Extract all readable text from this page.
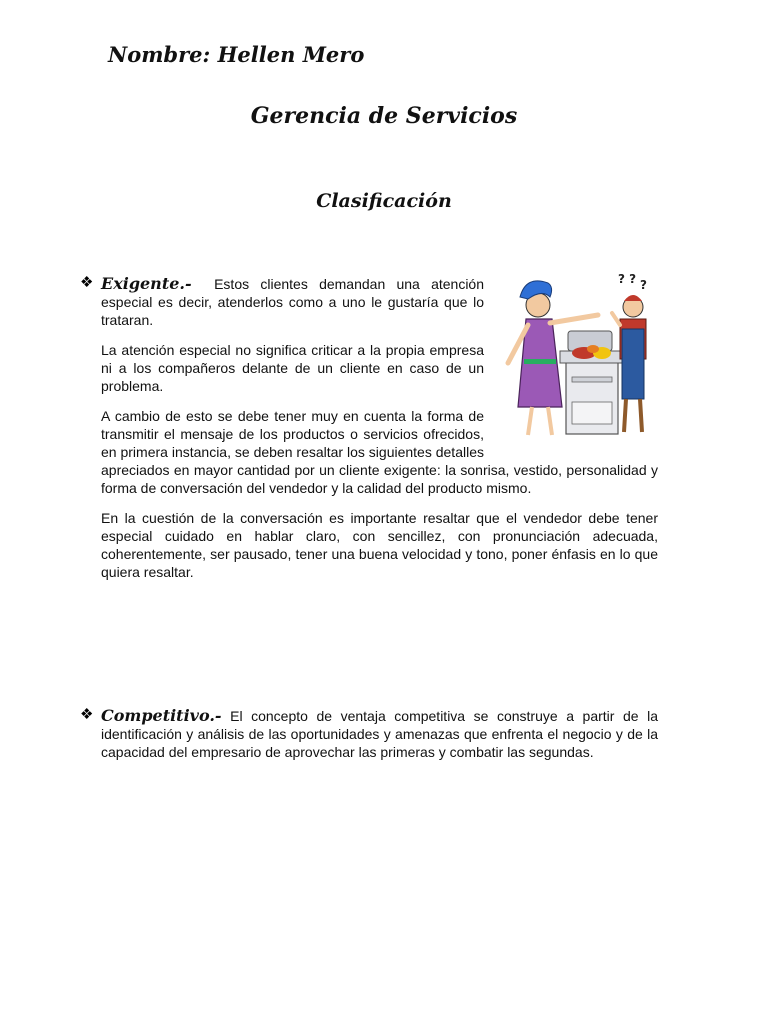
Nombre: Hellen Mero
Gerencia de Servicios
Clasificación
❖	? ? ?

Exigente.- Estos clientes demandan una atención especial es decir, atenderlos como a uno le gustaría que lo trataran.

La atención especial no significa criticar a la propia empresa ni a los compañeros delante de un cliente en caso de un problema.

A cambio de esto se debe tener muy en cuenta la forma de transmitir el mensaje de los productos o servicios ofrecidos, en primera instancia, se deben resaltar los siguientes detalles apreciados en mayor cantidad por un cliente exigente: la sonrisa, vestido, personalidad y forma de conversación del vendedor y la calidad del producto mismo.

En la cuestión de la conversación es importante resaltar que el vendedor debe tener especial cuidado en hablar claro, con sencillez, con pronunciación adecuada, coherentemente, ser pausado, tener una buena velocidad y tono, poner énfasis en lo que quiera resaltar.

❖ Competitivo.- El concepto de ventaja competitiva se construye a partir de la identificación y análisis de las oportunidades y amenazas que enfrenta el negocio y de la capacidad del empresario de aprovechar las primeras y combatir las segundas.
